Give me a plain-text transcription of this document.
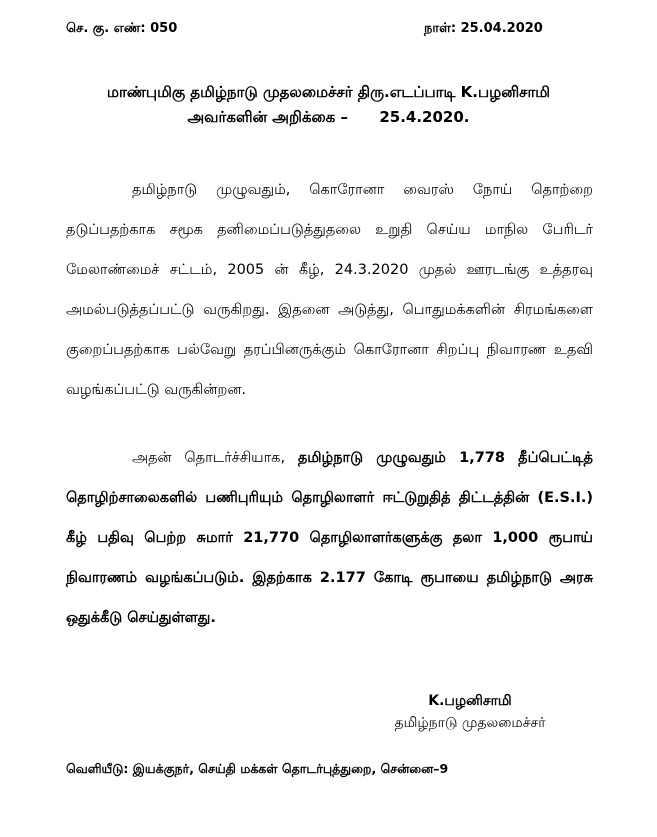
செ. கு. எண்: 050	நாள்: 25.04.2020
மாண்புமிகு தமிழ்நாடு முதலமைச்சர் திரு.எடப்பாடி K.பழனிசாமி
அவர்களின் அறிக்கை –      25.4.2020.
தமிழ்நாடு முழுவதும், கொரோனா வைரஸ் நோய் தொற்றை தடுப்பதற்காக சமூக தனிமைப்படுத்துதலை உறுதி செய்ய மாநில பேரிடர் மேலாண்மைச் சட்டம், 2005 ன் கீழ், 24.3.2020 முதல் ஊரடங்கு உத்தரவு அமல்படுத்தப்பட்டு வருகிறது. இதனை அடுத்து, பொதுமக்களின் சிரமங்களை குறைப்பதற்காக பல்வேறு தரப்பினருக்கும் கொரோனா சிறப்பு நிவாரண உதவி வழங்கப்பட்டு வருகின்றன.
அதன் தொடர்ச்சியாக, தமிழ்நாடு முழுவதும் 1,778 தீப்பெட்டித் தொழிற்சாலைகளில் பணிபுரியும் தொழிலாளர் ஈட்டுறுதித் திட்டத்தின் (E.S.I.) கீழ் பதிவு பெற்ற சுமார் 21,770 தொழிலாளர்களுக்கு தலா 1,000 ரூபாய் நிவாரணம் வழங்கப்படும். இதற்காக 2.177 கோடி ரூபாயை தமிழ்நாடு அரசு ஒதுக்கீடு செய்துள்ளது.
K.பழனிசாமி
தமிழ்நாடு முதலமைச்சர்
வெளியீடு: இயக்குநர், செய்தி மக்கள் தொடர்புத்துறை, சென்னை–9
